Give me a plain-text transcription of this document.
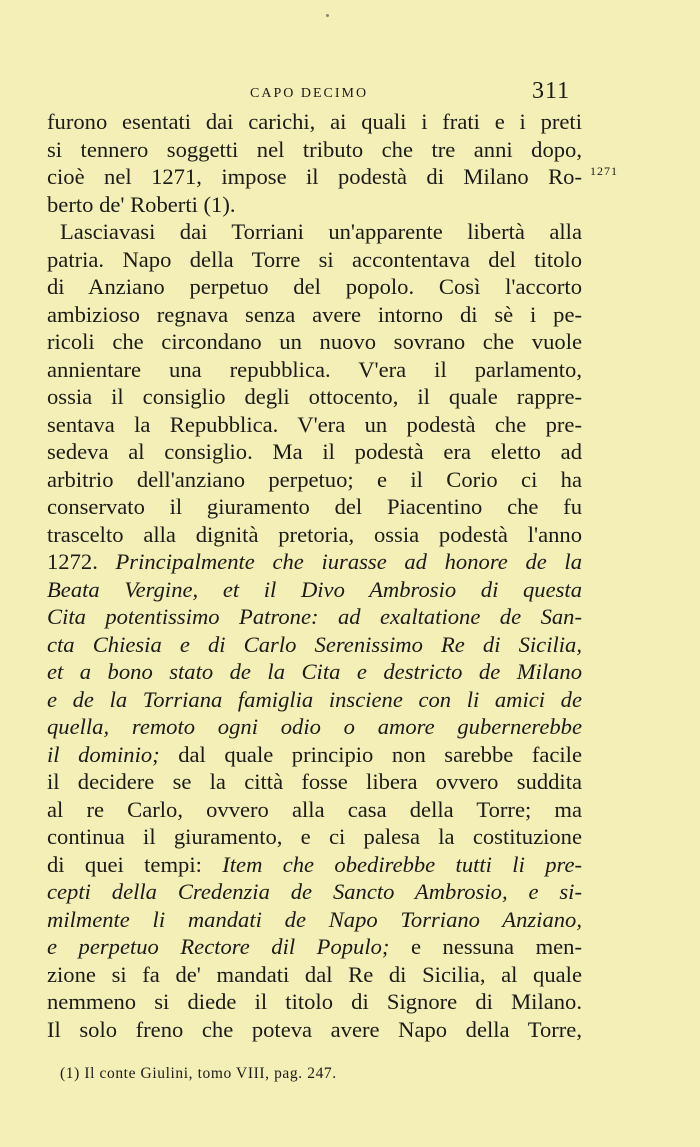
CAPO DECIMO	311
1271
furono esentati dai carichi, ai quali i frati e i preti
si tennero soggetti nel tributo che tre anni dopo,
cioè nel 1271, impose il podestà di Milano Ro-
berto de' Roberti (1).
Lasciavasi dai Torriani un'apparente libertà alla
patria. Napo della Torre si accontentava del titolo
di Anziano perpetuo del popolo. Così l'accorto
ambizioso regnava senza avere intorno di sè i pe-
ricoli che circondano un nuovo sovrano che vuole
annientare una repubblica. V'era il parlamento,
ossia il consiglio degli ottocento, il quale rappre-
sentava la Repubblica. V'era un podestà che pre-
sedeva al consiglio. Ma il podestà era eletto ad
arbitrio dell'anziano perpetuo; e il Corio ci ha
conservato il giuramento del Piacentino che fu
trascelto alla dignità pretoria, ossia podestà l'anno
1272. Principalmente che iurasse ad honore de la
Beata Vergine, et il Divo Ambrosio di questa
Cita potentissimo Patrone: ad exaltatione de San-
cta Chiesia e di Carlo Serenissimo Re di Sicilia,
et a bono stato de la Cita e destricto de Milano
e de la Torriana famiglia insciene con li amici de
quella, remoto ogni odio o amore gubernerebbe
il dominio; dal quale principio non sarebbe facile
il decidere se la città fosse libera ovvero suddita
al re Carlo, ovvero alla casa della Torre; ma
continua il giuramento, e ci palesa la costituzione
di quei tempi: Item che obedirebbe tutti li pre-
cepti della Credenzia de Sancto Ambrosio, e si-
milmente li mandati de Napo Torriano Anziano,
e perpetuo Rectore dil Populo; e nessuna men-
zione si fa de' mandati dal Re di Sicilia, al quale
nemmeno si diede il titolo di Signore di Milano.
Il solo freno che poteva avere Napo della Torre,
(1) Il conte Giulini, tomo VIII, pag. 247.
